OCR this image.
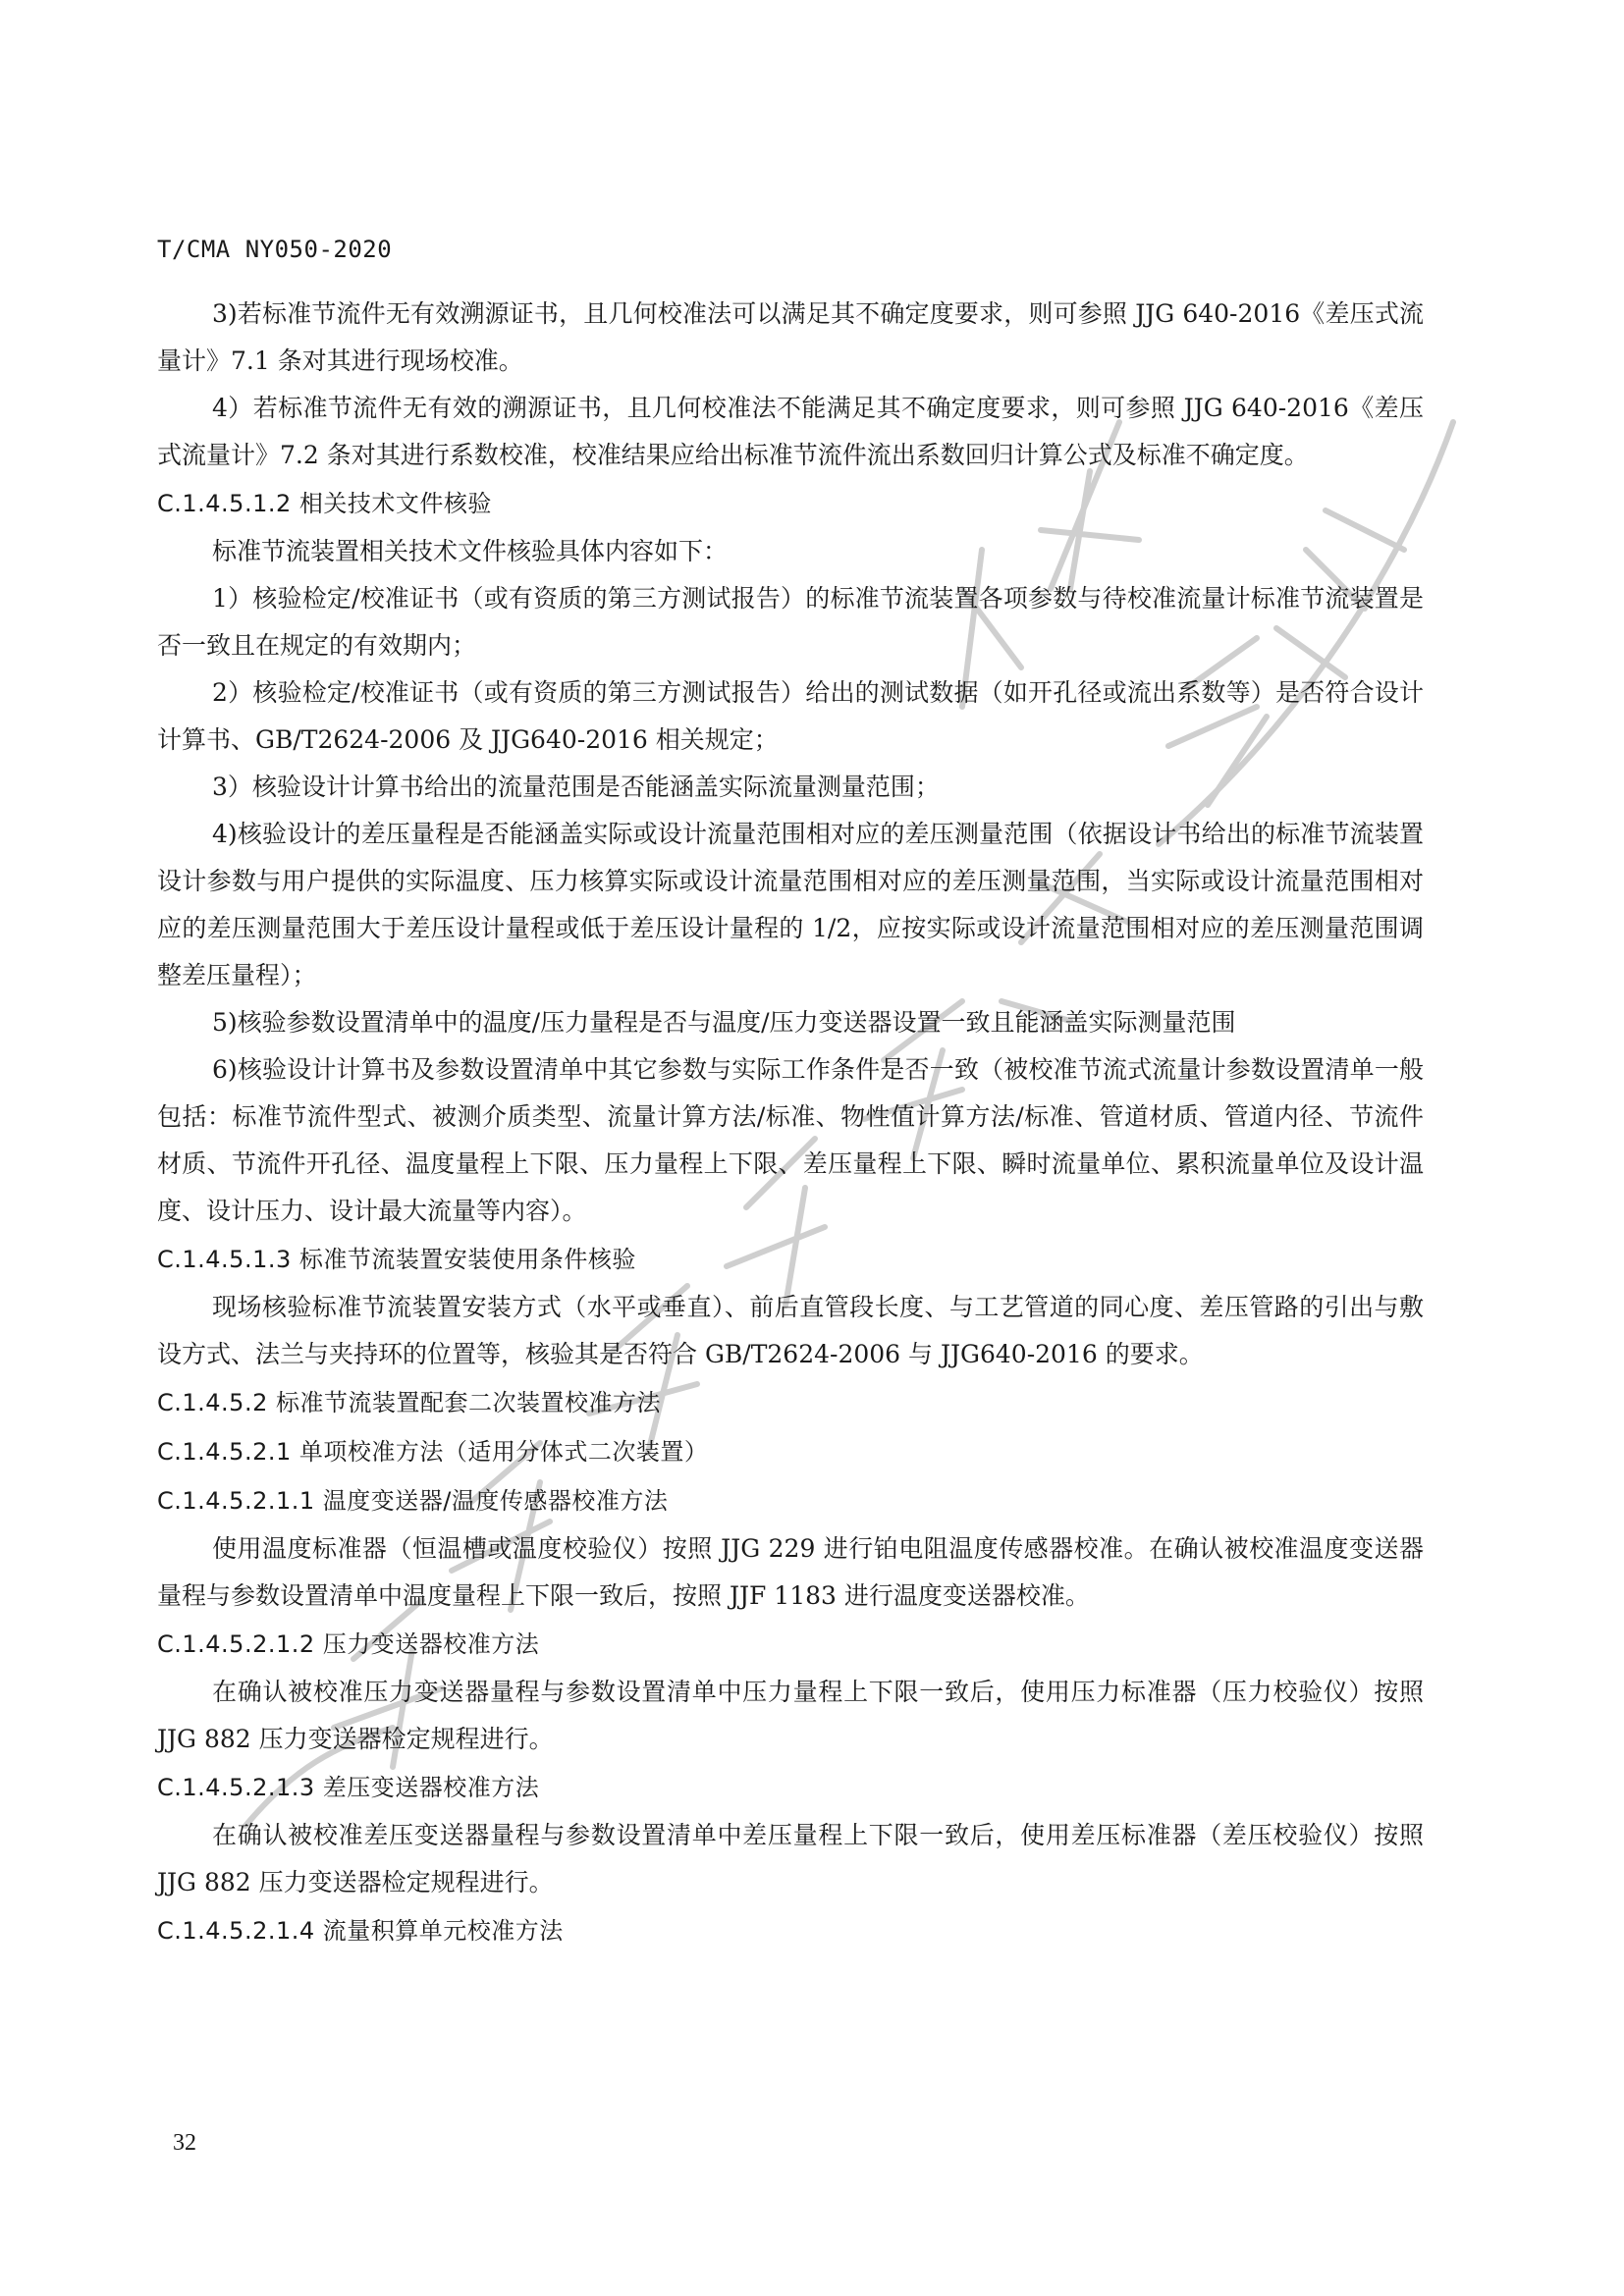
T/CMA NY050-2020

3)若标准节流件无有效溯源证书，且几何校准法可以满足其不确定度要求，则可参照 JJG 640-2016《差压式流量计》7.1 条对其进行现场校准。

4）若标准节流件无有效的溯源证书，且几何校准法不能满足其不确定度要求，则可参照 JJG 640-2016《差压式流量计》7.2 条对其进行系数校准，校准结果应给出标准节流件流出系数回归计算公式及标准不确定度。

C.1.4.5.1.2 相关技术文件核验

标准节流装置相关技术文件核验具体内容如下：

1）核验检定/校准证书（或有资质的第三方测试报告）的标准节流装置各项参数与待校准流量计标准节流装置是否一致且在规定的有效期内；

2）核验检定/校准证书（或有资质的第三方测试报告）给出的测试数据（如开孔径或流出系数等）是否符合设计计算书、GB/T2624-2006 及 JJG640-2016 相关规定；

3）核验设计计算书给出的流量范围是否能涵盖实际流量测量范围；

4)核验设计的差压量程是否能涵盖实际或设计流量范围相对应的差压测量范围（依据设计书给出的标准节流装置设计参数与用户提供的实际温度、压力核算实际或设计流量范围相对应的差压测量范围，当实际或设计流量范围相对应的差压测量范围大于差压设计量程或低于差压设计量程的 1/2，应按实际或设计流量范围相对应的差压测量范围调整差压量程）；

5)核验参数设置清单中的温度/压力量程是否与温度/压力变送器设置一致且能涵盖实际测量范围

6)核验设计计算书及参数设置清单中其它参数与实际工作条件是否一致（被校准节流式流量计参数设置清单一般包括：标准节流件型式、被测介质类型、流量计算方法/标准、物性值计算方法/标准、管道材质、管道内径、节流件材质、节流件开孔径、温度量程上下限、压力量程上下限、差压量程上下限、瞬时流量单位、累积流量单位及设计温度、设计压力、设计最大流量等内容）。

C.1.4.5.1.3 标准节流装置安装使用条件核验

现场核验标准节流装置安装方式（水平或垂直）、前后直管段长度、与工艺管道的同心度、差压管路的引出与敷设方式、法兰与夹持环的位置等，核验其是否符合 GB/T2624-2006 与 JJG640-2016 的要求。

C.1.4.5.2 标准节流装置配套二次装置校准方法

C.1.4.5.2.1 单项校准方法（适用分体式二次装置）

C.1.4.5.2.1.1 温度变送器/温度传感器校准方法

使用温度标准器（恒温槽或温度校验仪）按照 JJG 229 进行铂电阻温度传感器校准。在确认被校准温度变送器量程与参数设置清单中温度量程上下限一致后，按照 JJF 1183 进行温度变送器校准。

C.1.4.5.2.1.2 压力变送器校准方法

在确认被校准压力变送器量程与参数设置清单中压力量程上下限一致后，使用压力标准器（压力校验仪）按照 JJG 882 压力变送器检定规程进行。

C.1.4.5.2.1.3 差压变送器校准方法

在确认被校准差压变送器量程与参数设置清单中差压量程上下限一致后，使用差压标准器（差压校验仪）按照 JJG 882 压力变送器检定规程进行。

C.1.4.5.2.1.4 流量积算单元校准方法

32
